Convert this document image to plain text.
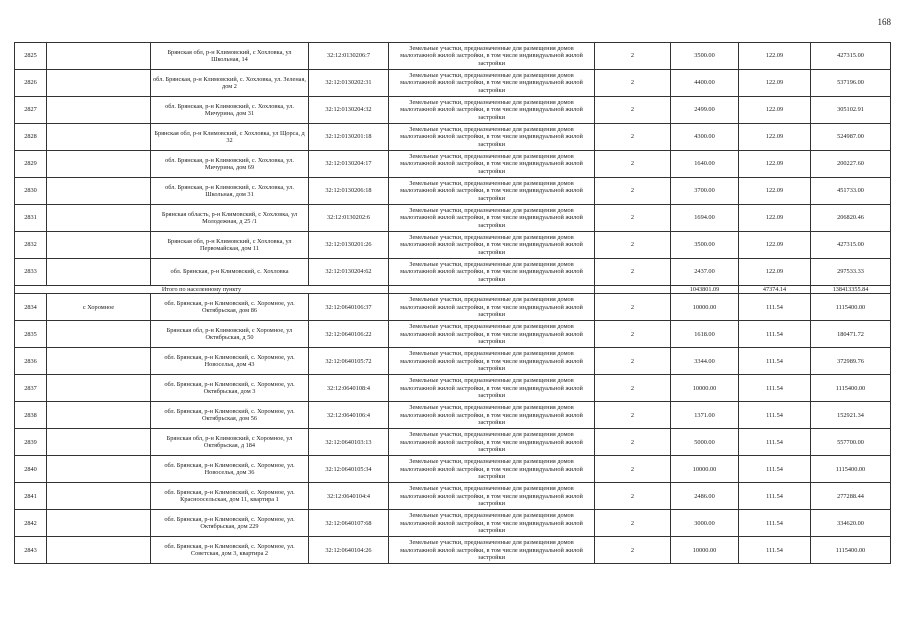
168
2825		Брянская обл, р-н Климовский, с Хохловка, ул Школьная, 14	32:12:0130206:7	Земельные участки, предназначенные для размещения домов малоэтажной жилой застройки, в том числе индивидуальной жилой застройки	2	3500.00	122.09	427315.00
2826		обл. Брянская, р-н Климовский, с. Хохловка, ул. Зеленая, дом 2	32:12:0130202:31	Земельные участки, предназначенные для размещения домов малоэтажной жилой застройки, в том числе индивидуальной жилой застройки	2	4400.00	122.09	537196.00
2827		обл. Брянская, р-н Климовский, с. Хохловка, ул. Мичурина, дом 31	32:12:0130204:32	Земельные участки, предназначенные для размещения домов малоэтажной жилой застройки, в том числе индивидуальной жилой застройки	2	2499.00	122.09	305102.91
2828		Брянская обл, р-н Климовский, с Хохловка, ул Щорса, д 32	32:12:0130201:18	Земельные участки, предназначенные для размещения домов малоэтажной жилой застройки, в том числе индивидуальной жилой застройки	2	4300.00	122.09	524987.00
2829		обл. Брянская, р-н Климовский, с. Хохловка, ул. Мичурина, дом 69	32:12:0130204:17	Земельные участки, предназначенные для размещения домов малоэтажной жилой застройки, в том числе индивидуальной жилой застройки	2	1640.00	122.09	200227.60
2830		обл. Брянская, р-н Климовский, с. Хохловка, ул. Школьная, дом 31	32:12:0130206:18	Земельные участки, предназначенные для размещения домов малоэтажной жилой застройки, в том числе индивидуальной жилой застройки	2	3700.00	122.09	451733.00
2831		Брянская область, р-н Климовский, с Хохловка, ул Молодежная, д 25 /1	32:12:0130202:6	Земельные участки, предназначенные для размещения домов малоэтажной жилой застройки, в том числе индивидуальной жилой застройки	2	1694.00	122.09	206820.46
2832		Брянская обл, р-н Климовский, с Хохловка, ул Первомайская, дом 11	32:12:0130201:26	Земельные участки, предназначенные для размещения домов малоэтажной жилой застройки, в том числе индивидуальной жилой застройки	2	3500.00	122.09	427315.00
2833		обл. Брянская, р-н Климовский, с. Хохловка	32:12:0130204:62	Земельные участки, предназначенные для размещения домов малоэтажной жилой застройки, в том числе индивидуальной жилой застройки	2	2437.00	122.09	297533.33
Итого по населенному пункту						1043801.09	47374.14	138413355.84
2834	с Хоромное	обл. Брянская, р-н Климовский, с. Хоромное, ул. Октябрьская, дом 86	32:12:0640106:37	Земельные участки, предназначенные для размещения домов малоэтажной жилой застройки, в том числе индивидуальной жилой застройки	2	10000.00	111.54	1115400.00
2835		Брянская обл, р-н Климовский, с Хоромное, ул Октябрьская, д 50	32:12:0640106:22	Земельные участки, предназначенные для размещения домов малоэтажной жилой застройки, в том числе индивидуальной жилой застройки	2	1618.00	111.54	180471.72
2836		обл. Брянская, р-н Климовский, с. Хоромное, ул. Новоселья, дом 43	32:12:0640105:72	Земельные участки, предназначенные для размещения домов малоэтажной жилой застройки, в том числе индивидуальной жилой застройки	2	3344.00	111.54	372989.76
2837		обл. Брянская, р-н Климовский, с. Хоромное, ул. Октябрьская, дом 3	32:12:0640108:4	Земельные участки, предназначенные для размещения домов малоэтажной жилой застройки, в том числе индивидуальной жилой застройки	2	10000.00	111.54	1115400.00
2838		обл. Брянская, р-н Климовский, с. Хоромное, ул. Октябрьская, дом 56	32:12:0640106:4	Земельные участки, предназначенные для размещения домов малоэтажной жилой застройки, в том числе индивидуальной жилой застройки	2	1371.00	111.54	152921.34
2839		Брянская обл, р-н Климовский, с Хоромное, ул Октябрьская, д 184	32:12:0640103:13	Земельные участки, предназначенные для размещения домов малоэтажной жилой застройки, в том числе индивидуальной жилой застройки	2	5000.00	111.54	557700.00
2840		обл. Брянская, р-н Климовский, с. Хоромное, ул. Новоселья, дом 36	32:12:0640105:34	Земельные участки, предназначенные для размещения домов малоэтажной жилой застройки, в том числе индивидуальной жилой застройки	2	10000.00	111.54	1115400.00
2841		обл. Брянская, р-н Климовский, с. Хоромное, ул. Красноосельская, дом 11, квартира 1	32:12:0640104:4	Земельные участки, предназначенные для размещения домов малоэтажной жилой застройки, в том числе индивидуальной жилой застройки	2	2486.00	111.54	277288.44
2842		обл. Брянская, р-н Климовский, с. Хоромное, ул. Октябрьская, дом 229	32:12:0640107:68	Земельные участки, предназначенные для размещения домов малоэтажной жилой застройки, в том числе индивидуальной жилой застройки	2	3000.00	111.54	334620.00
2843		обл. Брянская, р-н Климовский, с. Хоромное, ул. Советская, дом 3, квартира 2	32:12:0640104:26	Земельные участки, предназначенные для размещения домов малоэтажной жилой застройки, в том числе индивидуальной жилой застройки	2	10000.00	111.54	1115400.00
